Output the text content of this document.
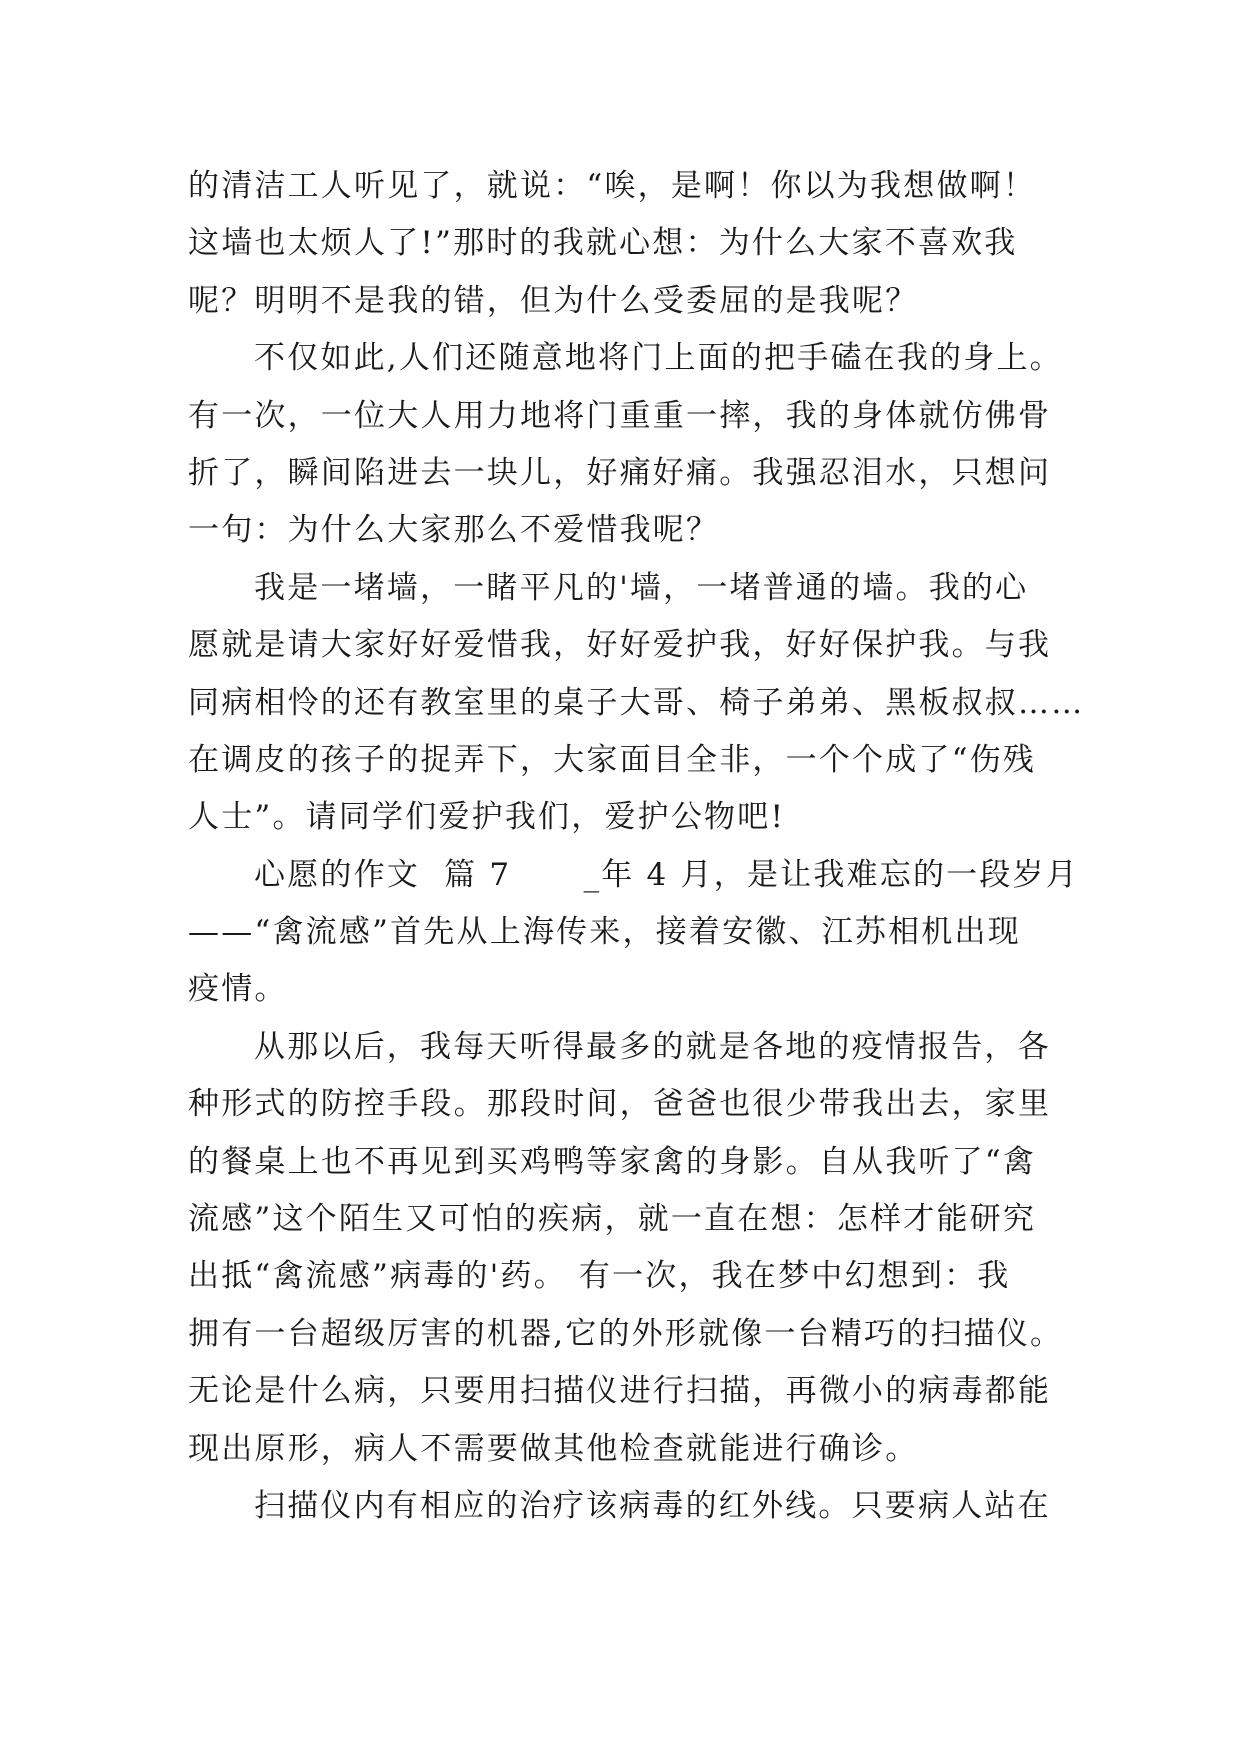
的清洁工人听见了，就说：“唉，是啊！你以为我想做啊！
这墙也太烦人了!”那时的我就心想：为什么大家不喜欢我
呢？明明不是我的错，但为什么受委屈的是我呢？
不仅如此,人们还随意地将门上面的把手磕在我的身上。
有一次，一位大人用力地将门重重一摔，我的身体就仿佛骨
折了，瞬间陷进去一块儿，好痛好痛。我强忍泪水，只想问
一句：为什么大家那么不爱惜我呢？
我是一堵墙，一睹平凡的'墙，一堵普通的墙。我的心
愿就是请大家好好爱惜我，好好爱护我，好好保护我。与我
同病相怜的还有教室里的桌子大哥、椅子弟弟、黑板叔叔……
在调皮的孩子的捉弄下，大家面目全非，一个个成了“伤残
人士”。请同学们爱护我们，爱护公物吧!
心愿的作文  篇 7      _年 4 月，是让我难忘的一段岁月
——“禽流感”首先从上海传来，接着安徽、江苏相机出现
疫情。
从那以后，我每天听得最多的就是各地的疫情报告，各
种形式的防控手段。那段时间，爸爸也很少带我出去，家里
的餐桌上也不再见到买鸡鸭等家禽的身影。自从我听了“禽
流感”这个陌生又可怕的疾病，就一直在想：怎样才能研究
出抵“禽流感”病毒的'药。 有一次，我在梦中幻想到：我
拥有一台超级厉害的机器,它的外形就像一台精巧的扫描仪。
无论是什么病，只要用扫描仪进行扫描，再微小的病毒都能
现出原形，病人不需要做其他检查就能进行确诊。
扫描仪内有相应的治疗该病毒的红外线。只要病人站在
